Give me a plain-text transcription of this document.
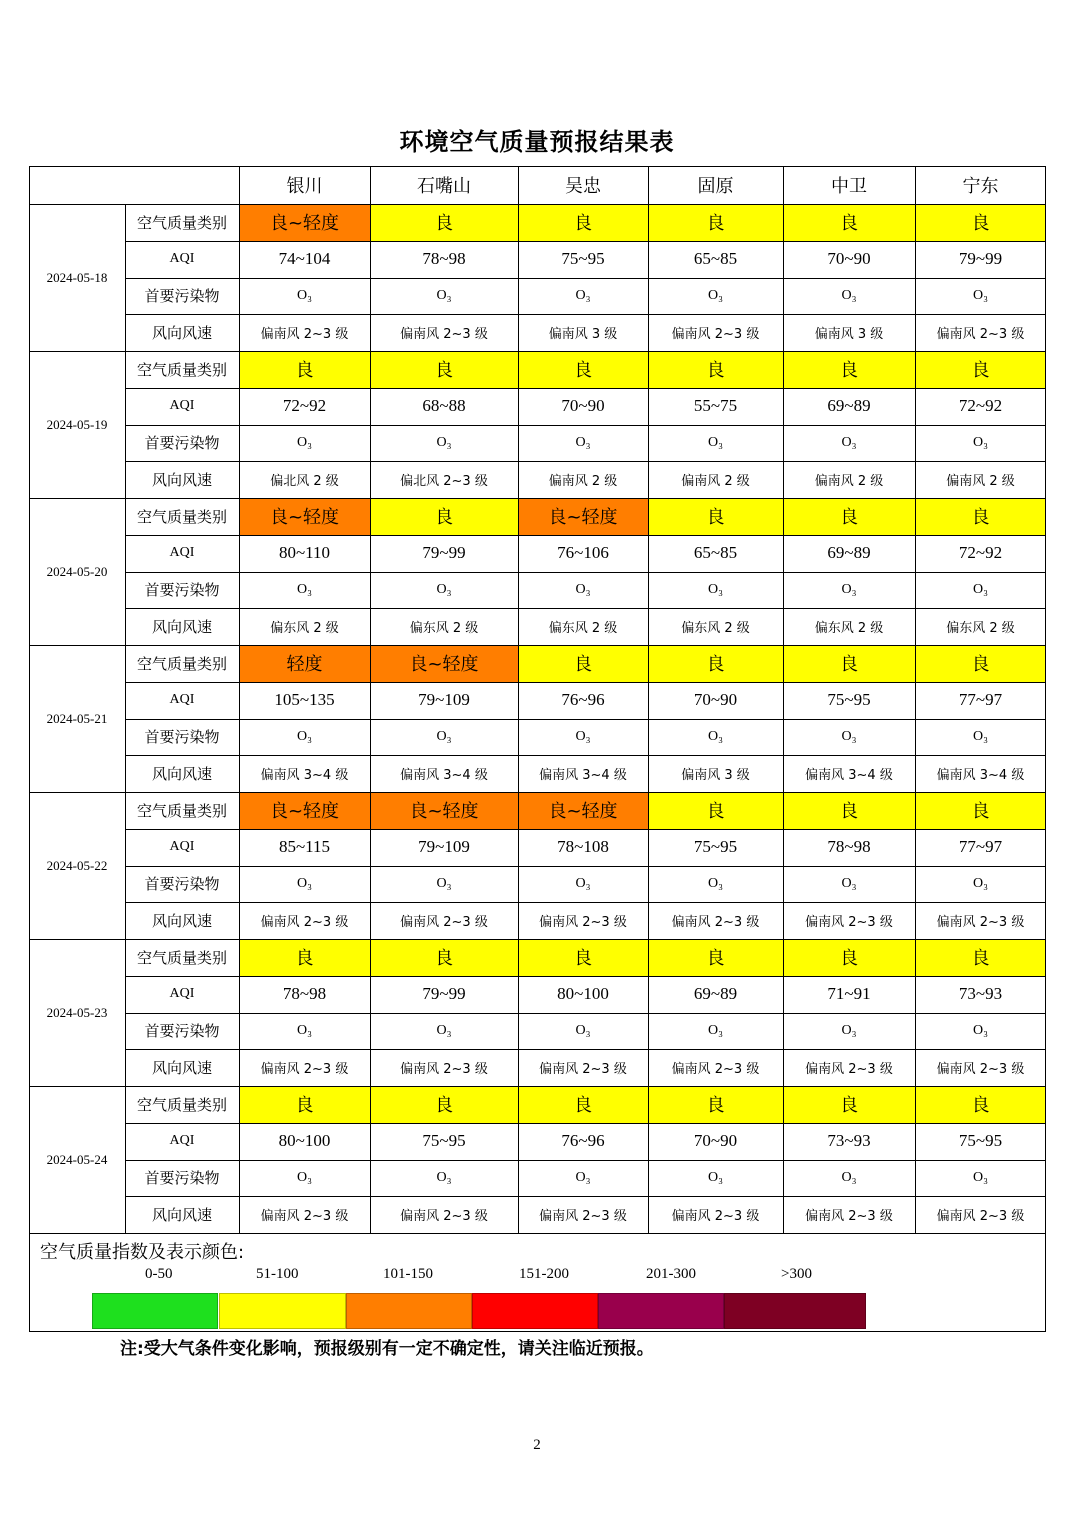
环境空气质量预报结果表
银川	石嘴山	吴忠	固原	中卫	宁东
2024-05-18
空气质量类别	良~轻度	良	良	良	良	良
AQI	74~104	78~98	75~95	65~85	70~90	79~99
首要污染物	O₃	O₃	O₃	O₃	O₃	O₃
风向风速	偏南风 2~3 级	偏南风 2~3 级	偏南风 3 级	偏南风 2~3 级	偏南风 3 级	偏南风 2~3 级
2024-05-19
空气质量类别	良	良	良	良	良	良
AQI	72~92	68~88	70~90	55~75	69~89	72~92
首要污染物	O₃	O₃	O₃	O₃	O₃	O₃
风向风速	偏北风 2 级	偏北风 2~3 级	偏南风 2 级	偏南风 2 级	偏南风 2 级	偏南风 2 级
2024-05-20
空气质量类别	良~轻度	良	良~轻度	良	良	良
AQI	80~110	79~99	76~106	65~85	69~89	72~92
首要污染物	O₃	O₃	O₃	O₃	O₃	O₃
风向风速	偏东风 2 级	偏东风 2 级	偏东风 2 级	偏东风 2 级	偏东风 2 级	偏东风 2 级
2024-05-21
空气质量类别	轻度	良~轻度	良	良	良	良
AQI	105~135	79~109	76~96	70~90	75~95	77~97
首要污染物	O₃	O₃	O₃	O₃	O₃	O₃
风向风速	偏南风 3~4 级	偏南风 3~4 级	偏南风 3~4 级	偏南风 3 级	偏南风 3~4 级	偏南风 3~4 级
2024-05-22
空气质量类别	良~轻度	良~轻度	良~轻度	良	良	良
AQI	85~115	79~109	78~108	75~95	78~98	77~97
首要污染物	O₃	O₃	O₃	O₃	O₃	O₃
风向风速	偏南风 2~3 级	偏南风 2~3 级	偏南风 2~3 级	偏南风 2~3 级	偏南风 2~3 级	偏南风 2~3 级
2024-05-23
空气质量类别	良	良	良	良	良	良
AQI	78~98	79~99	80~100	69~89	71~91	73~93
首要污染物	O₃	O₃	O₃	O₃	O₃	O₃
风向风速	偏南风 2~3 级	偏南风 2~3 级	偏南风 2~3 级	偏南风 2~3 级	偏南风 2~3 级	偏南风 2~3 级
2024-05-24
空气质量类别	良	良	良	良	良	良
AQI	80~100	75~95	76~96	70~90	73~93	75~95
首要污染物	O₃	O₃	O₃	O₃	O₃	O₃
风向风速	偏南风 2~3 级	偏南风 2~3 级	偏南风 2~3 级	偏南风 2~3 级	偏南风 2~3 级	偏南风 2~3 级
空气质量指数及表示颜色:
0-50	51-100	101-150	151-200	201-300	>300
注:受大气条件变化影响，预报级别有一定不确定性，请关注临近预报。
2
